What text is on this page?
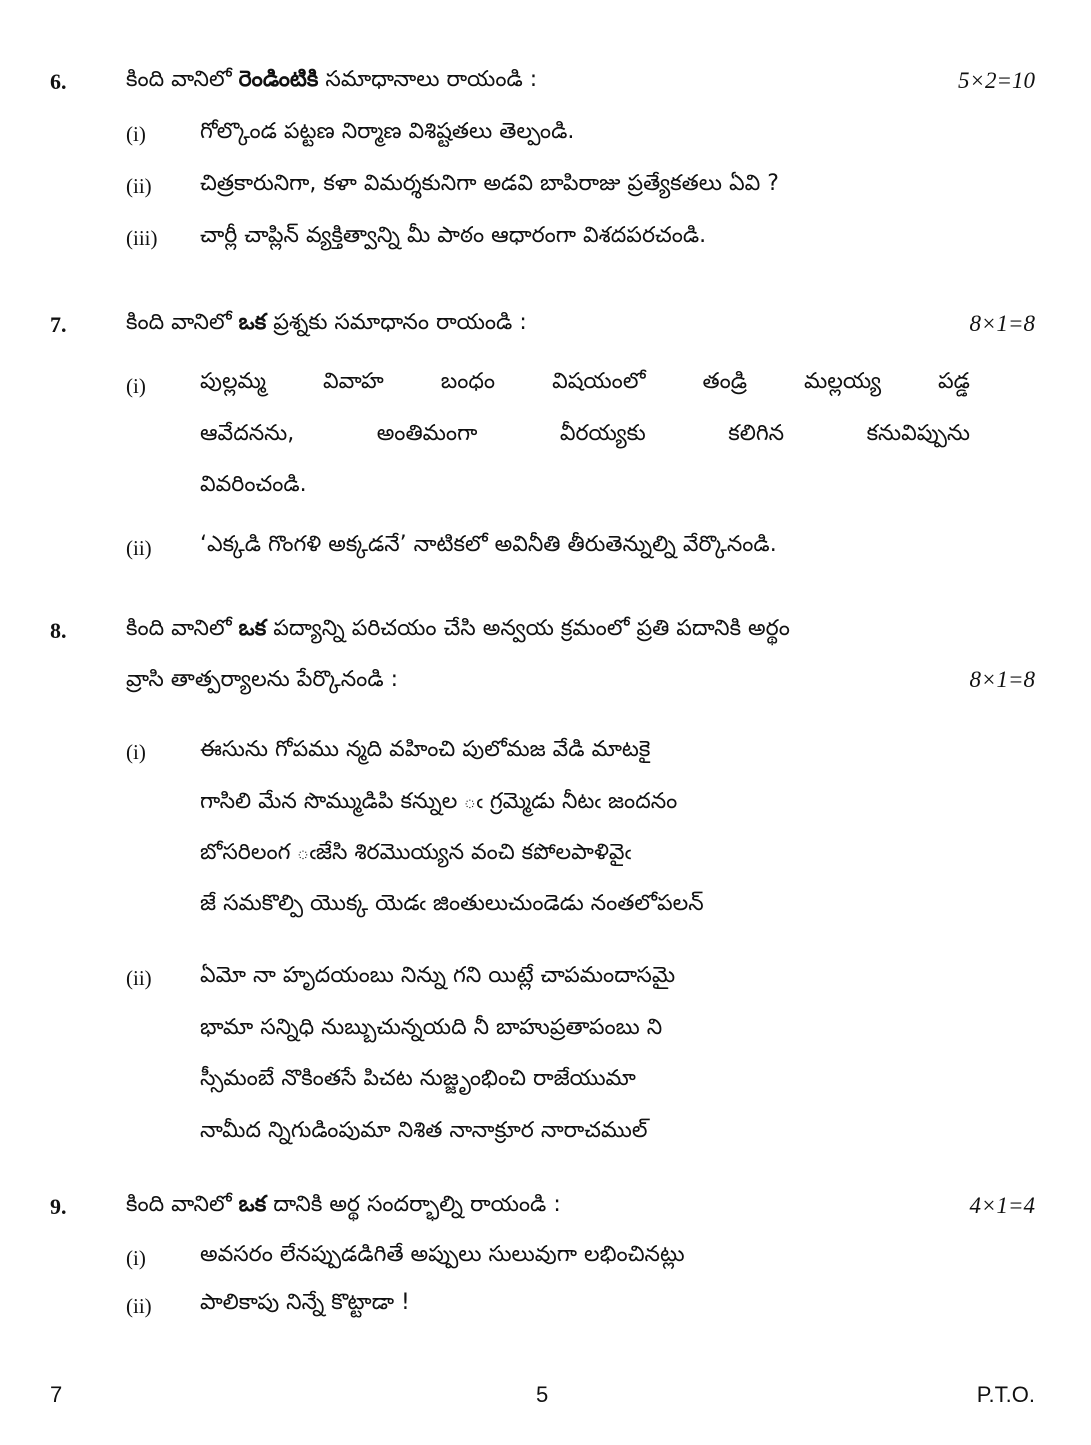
6.	కింది వానిలో రెండింటికి సమాధానాలు రాయండి :	5×2=10
(i) గోల్కొండ పట్టణ నిర్మాణ విశిష్టతలు తెల్పండి.
(ii) చిత్రకారునిగా, కళా విమర్శకునిగా అడవి బాపిరాజు ప్రత్యేకతలు ఏవి ?
(iii) చార్లీ చాప్లిన్ వ్యక్తిత్వాన్ని మీ పాఠం ఆధారంగా విశదపరచండి.
7.	కింది వానిలో ఒక ప్రశ్నకు సమాధానం రాయండి :	8×1=8
(i) పుల్లమ్మ	వివాహ	బంధం	విషయంలో	తండ్రి	మల్లయ్య	పడ్డ
ఆవేదనను,	అంతిమంగా	వీరయ్యకు	కలిగిన	కనువిప్పును
వివరించండి.
(ii) ‘ఎక్కడి గొంగళి అక్కడనే’ నాటికలో అవినీతి తీరుతెన్నుల్ని వేర్కొనండి.
8.	కింది వానిలో ఒక పద్యాన్ని పరిచయం చేసి అన్వయ క్రమంలో ప్రతి పదానికి అర్థం
వ్రాసి తాత్పర్యాలను పేర్కొనండి :	8×1=8
(i) ఈసును గోపము న్మది వహించి పులోమజ వేడి మాటకై
గాసిలి మేన సొమ్ముడిపి కన్నుల ఁ గ్రమ్మెడు నీటఁ జందనం
బోసరిలంగ ఁజేసి శిరమొయ్యన వంచి కపోలపాళివైఁ
జే సమకొల్పి యొక్క యెడఁ జింతులుచుండెడు నంతలోపలన్
(ii) ఏమో నా హృదయంబు నిన్ను గని యిట్లే చాపమందాసమై
భామా సన్నిధి నుబ్బుచున్నయది నీ బాహుప్రతాపంబు ని
స్సీమంబే నొకింతసే పిచట నుజ్జృంభించి రాజేయుమా
నామీద న్నిగుడింపుమా నిశిత నానాక్రూర నారాచముల్
9.	కింది వానిలో ఒక దానికి అర్థ సందర్భాల్ని రాయండి :	4×1=4
(i) అవసరం లేనప్పుడడిగితే అప్పులు సులువుగా లభించినట్లు
(ii) పాలికాపు నిన్నే కొట్టాడా !
7	5	P.T.O.
